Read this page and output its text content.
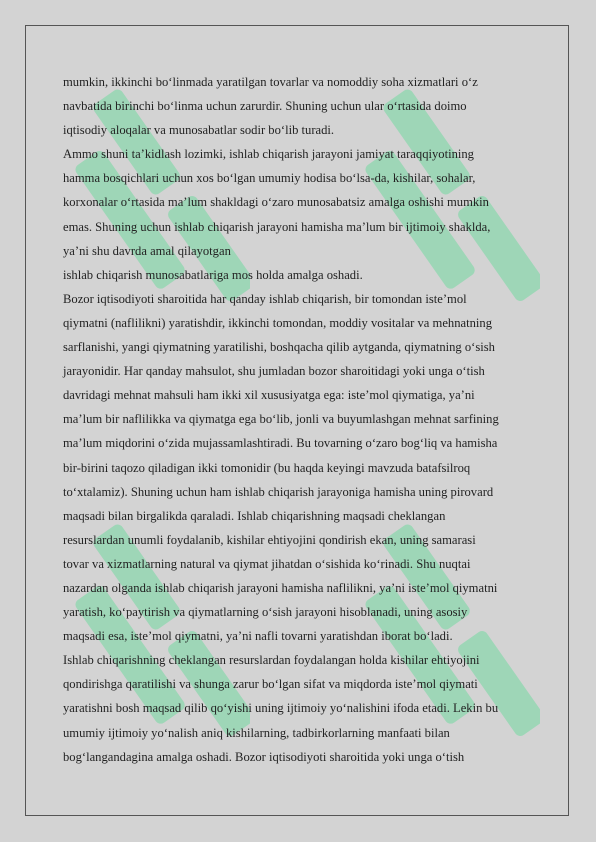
mumkin, ikkinchi bo‘linmada yaratilgan tovarlar va nomoddiy soha xizmatlari o‘z
navbatida birinchi bo‘linma uchun zarurdir. Shuning uchun ular o‘rtasida doimo
iqtisodiy aloqalar va munosabatlar sodir bo‘lib turadi.
Ammo shuni ta’kidlash lozimki, ishlab chiqarish jarayoni jamiyat taraqqiyotining
hamma bosqichlari uchun xos bo‘lgan umumiy hodisa bo‘lsa-da, kishilar, sohalar,
korxonalar o‘rtasida ma’lum shakldagi o‘zaro munosabatsiz amalga oshishi mumkin
emas. Shuning uchun ishlab chiqarish jarayoni hamisha ma’lum bir ijtimoiy shaklda,
ya’ni shu davrda amal qilayotgan
ishlab chiqarish munosabatlariga mos holda amalga oshadi.
Bozor iqtisodiyoti sharoitida har qanday ishlab chiqarish, bir tomondan iste’mol
qiymatni (naflilikni) yaratishdir, ikkinchi tomondan, moddiy vositalar va mehnatning
sarflanishi, yangi qiymatning yaratilishi, boshqacha qilib aytganda, qiymatning o‘sish
jarayonidir. Har qanday mahsulot, shu jumladan bozor sharoitidagi yoki unga o‘tish
davridagi mehnat mahsuli ham ikki xil xususiyatga ega: iste’mol qiymatiga, ya’ni
ma’lum bir naflilikka va qiymatga ega bo‘lib, jonli va buyumlashgan mehnat sarfining
ma’lum miqdorini o‘zida mujassamlashtiradi. Bu tovarning o‘zaro bog‘liq va hamisha
bir-birini taqozo qiladigan ikki tomonidir (bu haqda keyingi mavzuda batafsilroq
to‘xtalamiz). Shuning uchun ham ishlab chiqarish jarayoniga hamisha uning pirovard
maqsadi bilan birgalikda qaraladi. Ishlab chiqarishning maqsadi cheklangan
resurslardan unumli foydalanib, kishilar ehtiyojini qondirish ekan, uning samarasi
tovar va xizmatlarning natural va qiymat jihatdan o‘sishida ko‘rinadi. Shu nuqtai
nazardan olganda ishlab chiqarish jarayoni hamisha naflilikni, ya’ni iste’mol qiymatni
yaratish, ko‘paytirish va qiymatlarning o‘sish jarayoni hisoblanadi, uning asosiy
maqsadi esa, iste’mol qiymatni, ya’ni nafli tovarni yaratishdan iborat bo‘ladi.
Ishlab chiqarishning cheklangan resurslardan foydalangan holda kishilar ehtiyojini
qondirishga qaratilishi va shunga zarur bo‘lgan sifat va miqdorda iste’mol qiymati
yaratishni bosh maqsad qilib qo‘yishi uning ijtimoiy yo‘nalishini ifoda etadi. Lekin bu
umumiy ijtimoiy yo‘nalish aniq kishilarning, tadbirkorlarning manfaati bilan
bog‘langandagina amalga oshadi. Bozor iqtisodiyoti sharoitida yoki unga o‘tish
